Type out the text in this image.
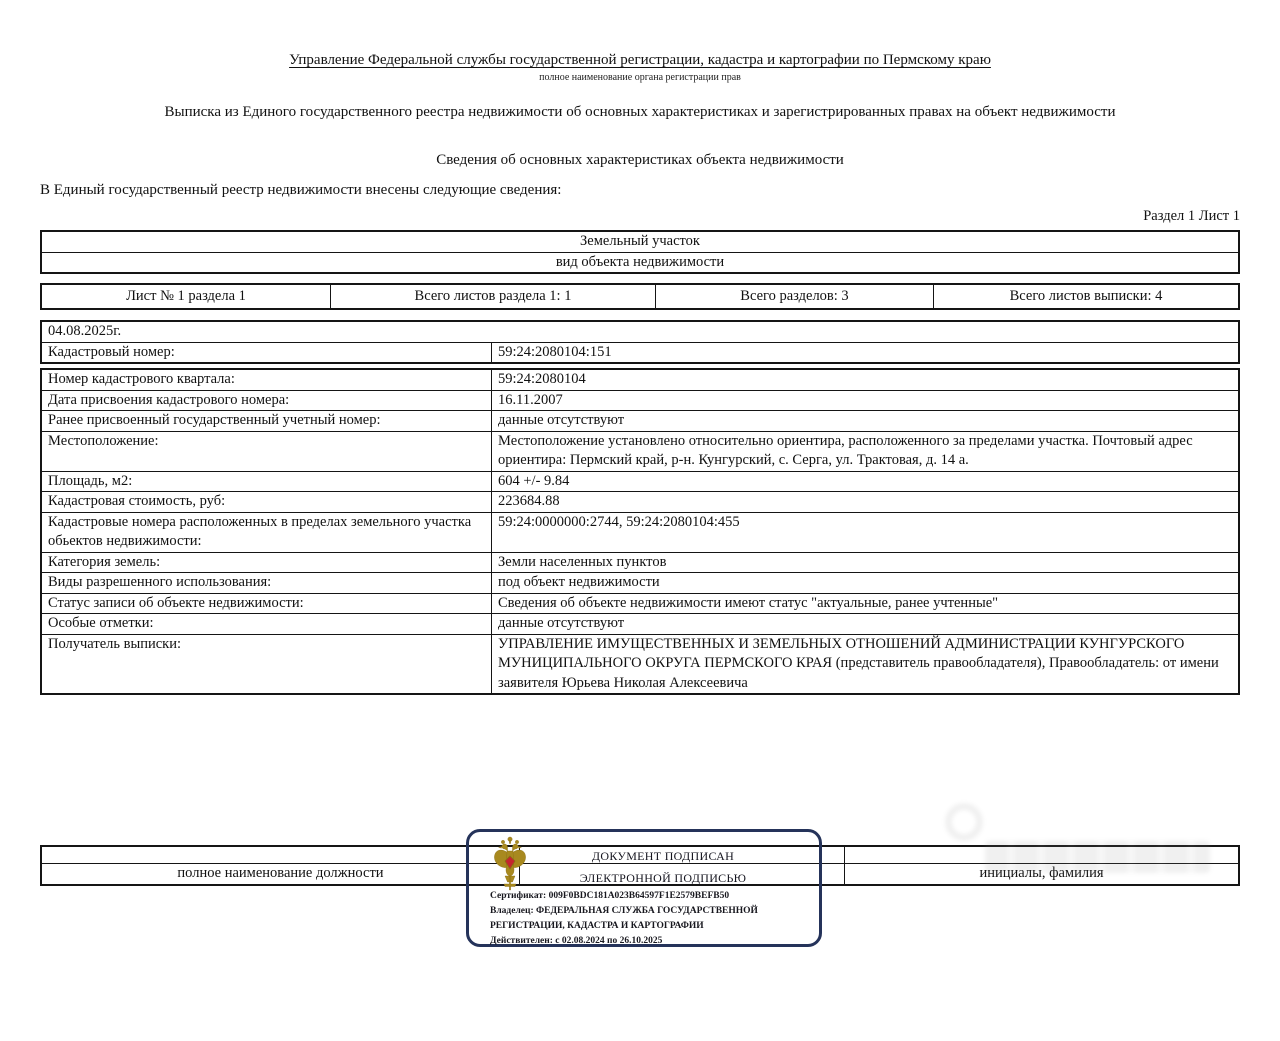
Управление Федеральной службы государственной регистрации, кадастра и картографии по Пермскому краю
полное наименование органа регистрации прав
Выписка из Единого государственного реестра недвижимости об основных характеристиках и зарегистрированных правах на объект недвижимости
Сведения об основных характеристиках объекта недвижимости
В Единый государственный реестр недвижимости внесены следующие сведения:
Раздел 1 Лист 1
Земельный участок
вид объекта недвижимости
Лист № 1 раздела 1	Всего листов раздела 1: 1	Всего разделов: 3	Всего листов выписки: 4
04.08.2025г.
Кадастровый номер:	59:24:2080104:151
Номер кадастрового квартала:	59:24:2080104
Дата присвоения кадастрового номера:	16.11.2007
Ранее присвоенный государственный учетный номер:	данные отсутствуют
Местоположение:	Местоположение установлено относительно ориентира, расположенного за пределами участка. Почтовый адрес ориентира: Пермский край, р-н. Кунгурский, с. Серга, ул. Трактовая, д. 14 а.
Площадь, м2:	604 +/- 9.84
Кадастровая стоимость, руб:	223684.88
Кадастровые номера расположенных в пределах земельного участка обьектов недвижимости:
59:24:0000000:2744, 59:24:2080104:455
Категория земель:	Земли населенных пунктов
Виды разрешенного использования:	под объект недвижимости
Статус записи об объекте недвижимости:	Сведения об объекте недвижимости имеют статус "актуальные, ранее учтенные"
Особые отметки:	данные отсутствуют
Получатель выписки:	УПРАВЛЕНИЕ ИМУЩЕСТВЕННЫХ И ЗЕМЕЛЬНЫХ ОТНОШЕНИЙ АДМИНИСТРАЦИИ КУНГУРСКОГО МУНИЦИПАЛЬНОГО ОКРУГА ПЕРМСКОГО КРАЯ (представитель правообладателя), Правообладатель: от имени заявителя Юрьева Николая Алексеевича
полное наименование должности	инициалы, фамилия
ДОКУМЕНТ ПОДПИСАН
ЭЛЕКТРОННОЙ ПОДПИСЬЮ
Сертификат: 009F0BDC181A023B64597F1E2579BEFB50
Владелец: ФЕДЕРАЛЬНАЯ СЛУЖБА ГОСУДАРСТВЕННОЙ
РЕГИСТРАЦИИ, КАДАСТРА И КАРТОГРАФИИ
Действителен: с 02.08.2024 по 26.10.2025
